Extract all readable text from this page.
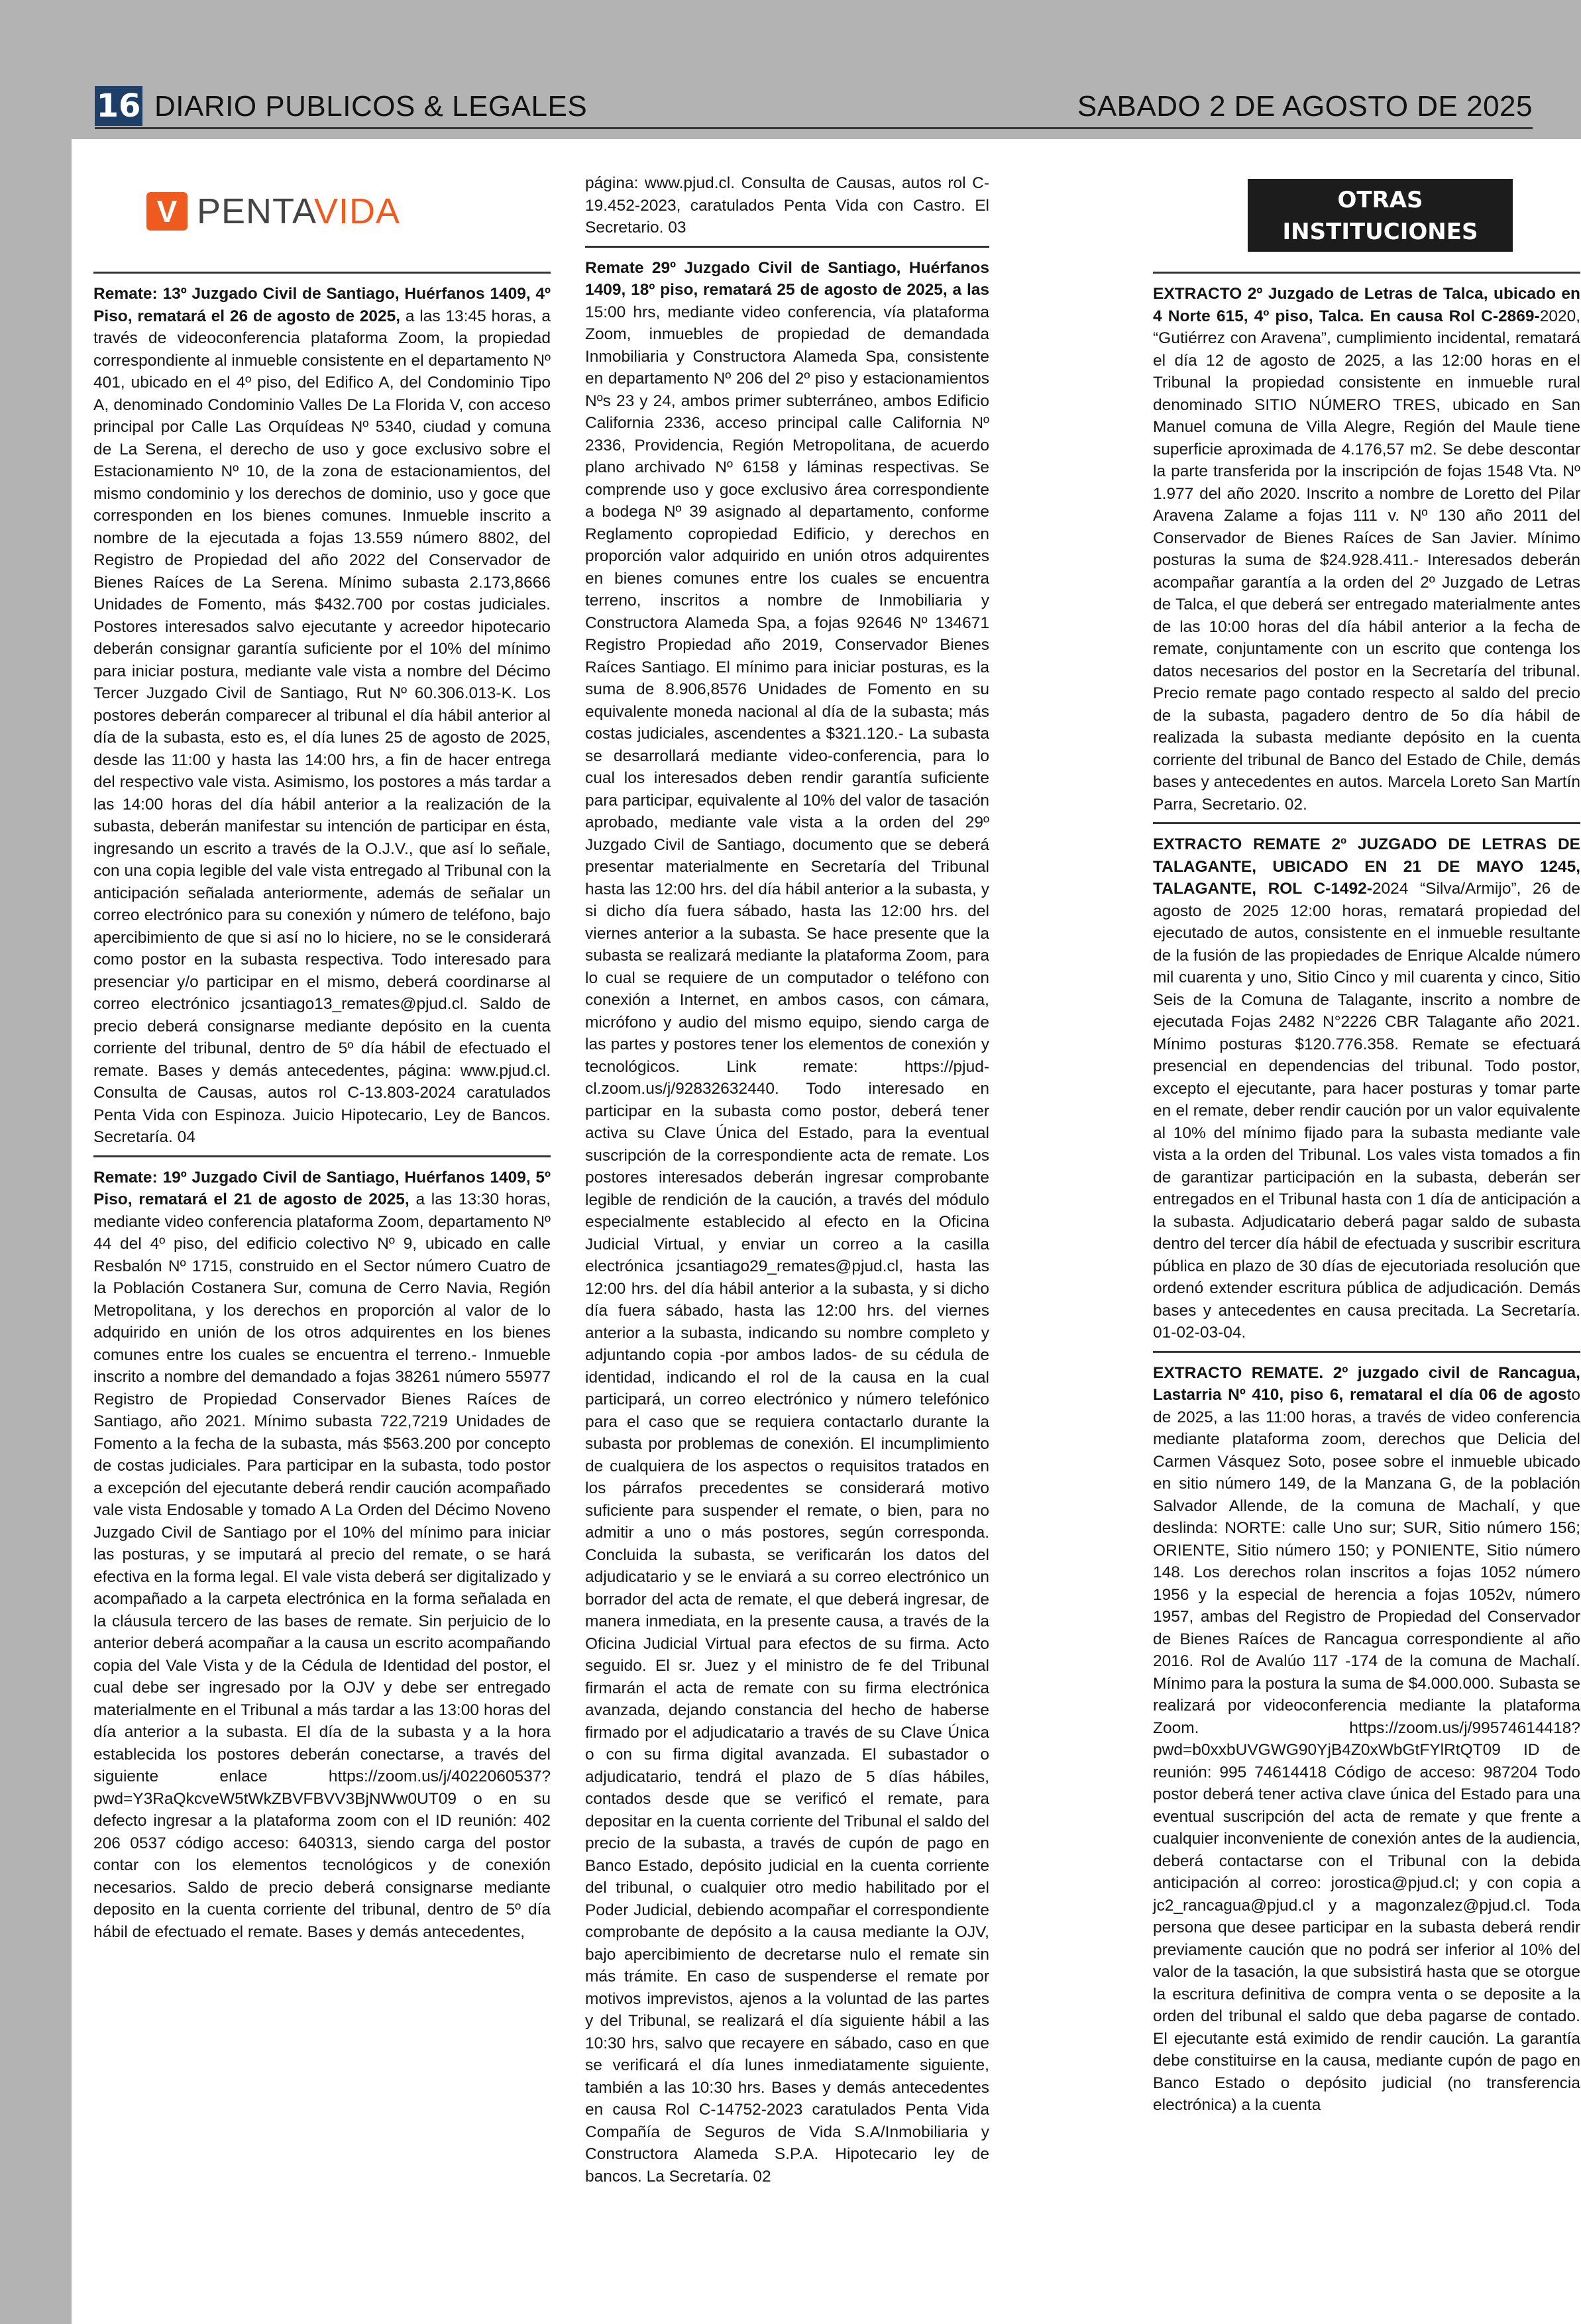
16 DIARIO PUBLICOS & LEGALES	SABADO 2 DE AGOSTO DE 2025
V PENTAVIDA

Remate: 13º Juzgado Civil de Santiago, Huérfanos 1409, 4º Piso, rematará el 26 de agosto de 2025, a las 13:45 horas, a través de videoconferencia plataforma Zoom, la propiedad correspondiente al inmueble consistente en el departamento Nº 401, ubicado en el 4º piso, del Edifico A, del Condominio Tipo A, denominado Condominio Valles De La Florida V, con acceso principal por Calle Las Orquídeas Nº 5340, ciudad y comuna de La Serena, el derecho de uso y goce exclusivo sobre el Estacionamiento Nº 10, de la zona de estacionamientos, del mismo condominio y los derechos de dominio, uso y goce que corresponden en los bienes comunes. Inmueble inscrito a nombre de la ejecutada a fojas 13.559 número 8802, del Registro de Propiedad del año 2022 del Conservador de Bienes Raíces de La Serena. Mínimo subasta 2.173,8666 Unidades de Fomento, más $432.700 por costas judiciales. Postores interesados salvo ejecutante y acreedor hipotecario deberán consignar garantía suficiente por el 10% del mínimo para iniciar postura, mediante vale vista a nombre del Décimo Tercer Juzgado Civil de Santiago, Rut Nº 60.306.013-K. Los postores deberán comparecer al tribunal el día hábil anterior al día de la subasta, esto es, el día lunes 25 de agosto de 2025, desde las 11:00 y hasta las 14:00 hrs, a fin de hacer entrega del respectivo vale vista. Asimismo, los postores a más tardar a las 14:00 horas del día hábil anterior a la realización de la subasta, deberán manifestar su intención de participar en ésta, ingresando un escrito a través de la O.J.V., que así lo señale, con una copia legible del vale vista entregado al Tribunal con la anticipación señalada anteriormente, además de señalar un correo electrónico para su conexión y número de teléfono, bajo apercibimiento de que si así no lo hiciere, no se le considerará como postor en la subasta respectiva. Todo interesado para presenciar y/o participar en el mismo, deberá coordinarse al correo electrónico jcsantiago13_remates@pjud.cl. Saldo de precio deberá consignarse mediante depósito en la cuenta corriente del tribunal, dentro de 5º día hábil de efectuado el remate. Bases y demás antecedentes, página: www.pjud.cl. Consulta de Causas, autos rol C-13.803-2024 caratulados Penta Vida con Espinoza. Juicio Hipotecario, Ley de Bancos. Secretaría. 04

Remate: 19º Juzgado Civil de Santiago, Huérfanos 1409, 5º Piso, rematará el 21 de agosto de 2025, a las 13:30 horas, mediante video conferencia plataforma Zoom, departamento Nº 44 del 4º piso, del edificio colectivo Nº 9, ubicado en calle Resbalón Nº 1715, construido en el Sector número Cuatro de la Población Costanera Sur, comuna de Cerro Navia, Región Metropolitana, y los derechos en proporción al valor de lo adquirido en unión de los otros adquirentes en los bienes comunes entre los cuales se encuentra el terreno.- Inmueble inscrito a nombre del demandado a fojas 38261 número 55977 Registro de Propiedad Conservador Bienes Raíces de Santiago, año 2021. Mínimo subasta 722,7219 Unidades de Fomento a la fecha de la subasta, más $563.200 por concepto de costas judiciales. Para participar en la subasta, todo postor a excepción del ejecutante deberá rendir caución acompañado vale vista Endosable y tomado A La Orden del Décimo Noveno Juzgado Civil de Santiago por el 10% del mínimo para iniciar las posturas, y se imputará al precio del remate, o se hará efectiva en la forma legal. El vale vista deberá ser digitalizado y acompañado a la carpeta electrónica en la forma señalada en la cláusula tercero de las bases de remate. Sin perjuicio de lo anterior deberá acompañar a la causa un escrito acompañando copia del Vale Vista y de la Cédula de Identidad del postor, el cual debe ser ingresado por la OJV y debe ser entregado materialmente en el Tribunal a más tardar a las 13:00 horas del día anterior a la subasta. El día de la subasta y a la hora establecida los postores deberán conectarse, a través del siguiente enlace https://zoom.us/j/4022060537?pwd=Y3RaQkcveW5tWkZBVFBVV3BjNWw0UT09 o en su defecto ingresar a la plataforma zoom con el ID reunión: 402 206 0537 código acceso: 640313, siendo carga del postor contar con los elementos tecnológicos y de conexión necesarios. Saldo de precio deberá consignarse mediante deposito en la cuenta corriente del tribunal, dentro de 5º día hábil de efectuado el remate. Bases y demás antecedentes,

página: www.pjud.cl. Consulta de Causas, autos rol C-19.452-2023, caratulados Penta Vida con Castro. El Secretario. 03

Remate 29º Juzgado Civil de Santiago, Huérfanos 1409, 18º piso, rematará 25 de agosto de 2025, a las 15:00 hrs, mediante video conferencia, vía plataforma Zoom, inmuebles de propiedad de demandada Inmobiliaria y Constructora Alameda Spa, consistente en departamento Nº 206 del 2º piso y estacionamientos Nºs 23 y 24, ambos primer subterráneo, ambos Edificio California 2336, acceso principal calle California Nº 2336, Providencia, Región Metropolitana, de acuerdo plano archivado Nº 6158 y láminas respectivas. Se comprende uso y goce exclusivo área correspondiente a bodega Nº 39 asignado al departamento, conforme Reglamento copropiedad Edificio, y derechos en proporción valor adquirido en unión otros adquirentes en bienes comunes entre los cuales se encuentra terreno, inscritos a nombre de Inmobiliaria y Constructora Alameda Spa, a fojas 92646 Nº 134671 Registro Propiedad año 2019, Conservador Bienes Raíces Santiago. El mínimo para iniciar posturas, es la suma de 8.906,8576 Unidades de Fomento en su equivalente moneda nacional al día de la subasta; más costas judiciales, ascendentes a $321.120.- La subasta se desarrollará mediante video-conferencia, para lo cual los interesados deben rendir garantía suficiente para participar, equivalente al 10% del valor de tasación aprobado, mediante vale vista a la orden del 29º Juzgado Civil de Santiago, documento que se deberá presentar materialmente en Secretaría del Tribunal hasta las 12:00 hrs. del día hábil anterior a la subasta, y si dicho día fuera sábado, hasta las 12:00 hrs. del viernes anterior a la subasta. Se hace presente que la subasta se realizará mediante la plataforma Zoom, para lo cual se requiere de un computador o teléfono con conexión a Internet, en ambos casos, con cámara, micrófono y audio del mismo equipo, siendo carga de las partes y postores tener los elementos de conexión y tecnológicos. Link remate: https://pjud-cl.zoom.us/j/92832632440. Todo interesado en participar en la subasta como postor, deberá tener activa su Clave Única del Estado, para la eventual suscripción de la correspondiente acta de remate. Los postores interesados deberán ingresar comprobante legible de rendición de la caución, a través del módulo especialmente establecido al efecto en la Oficina Judicial Virtual, y enviar un correo a la casilla electrónica jcsantiago29_remates@pjud.cl, hasta las 12:00 hrs. del día hábil anterior a la subasta, y si dicho día fuera sábado, hasta las 12:00 hrs. del viernes anterior a la subasta, indicando su nombre completo y adjuntando copia -por ambos lados- de su cédula de identidad, indicando el rol de la causa en la cual participará, un correo electrónico y número telefónico para el caso que se requiera contactarlo durante la subasta por problemas de conexión. El incumplimiento de cualquiera de los aspectos o requisitos tratados en los párrafos precedentes se considerará motivo suficiente para suspender el remate, o bien, para no admitir a uno o más postores, según corresponda. Concluida la subasta, se verificarán los datos del adjudicatario y se le enviará a su correo electrónico un borrador del acta de remate, el que deberá ingresar, de manera inmediata, en la presente causa, a través de la Oficina Judicial Virtual para efectos de su firma. Acto seguido. El sr. Juez y el ministro de fe del Tribunal firmarán el acta de remate con su firma electrónica avanzada, dejando constancia del hecho de haberse firmado por el adjudicatario a través de su Clave Única o con su firma digital avanzada. El subastador o adjudicatario, tendrá el plazo de 5 días hábiles, contados desde que se verificó el remate, para depositar en la cuenta corriente del Tribunal el saldo del precio de la subasta, a través de cupón de pago en Banco Estado, depósito judicial en la cuenta corriente del tribunal, o cualquier otro medio habilitado por el Poder Judicial, debiendo acompañar el correspondiente comprobante de depósito a la causa mediante la OJV, bajo apercibimiento de decretarse nulo el remate sin más trámite. En caso de suspenderse el remate por motivos imprevistos, ajenos a la voluntad de las partes y del Tribunal, se realizará el día siguiente hábil a las 10:30 hrs, salvo que recayere en sábado, caso en que se verificará el día lunes inmediatamente siguiente, también a las 10:30 hrs. Bases y demás antecedentes en causa Rol C-14752-2023 caratulados Penta Vida Compañía de Seguros de Vida S.A/Inmobiliaria y Constructora Alameda S.P.A. Hipotecario ley de bancos. La Secretaría. 02

OTRAS INSTITUCIONES
Y PARTICULARES

EXTRACTO 2º Juzgado de Letras de Talca, ubicado en 4 Norte 615, 4º piso, Talca. En causa Rol C-2869-2020, “Gutiérrez con Aravena”, cumplimiento incidental, rematará el día 12 de agosto de 2025, a las 12:00 horas en el Tribunal la propiedad consistente en inmueble rural denominado SITIO NÚMERO TRES, ubicado en San Manuel comuna de Villa Alegre, Región del Maule tiene superficie aproximada de 4.176,57 m2. Se debe descontar la parte transferida por la inscripción de fojas 1548 Vta. Nº 1.977 del año 2020. Inscrito a nombre de Loretto del Pilar Aravena Zalame a fojas 111 v. Nº 130 año 2011 del Conservador de Bienes Raíces de San Javier. Mínimo posturas la suma de $24.928.411.- Interesados deberán acompañar garantía a la orden del 2º Juzgado de Letras de Talca, el que deberá ser entregado materialmente antes de las 10:00 horas del día hábil anterior a la fecha de remate, conjuntamente con un escrito que contenga los datos necesarios del postor en la Secretaría del tribunal. Precio remate pago contado respecto al saldo del precio de la subasta, pagadero dentro de 5o día hábil de realizada la subasta mediante depósito en la cuenta corriente del tribunal de Banco del Estado de Chile, demás bases y antecedentes en autos. Marcela Loreto San Martín Parra, Secretario. 02.

EXTRACTO REMATE 2º JUZGADO DE LETRAS DE TALAGANTE, UBICADO EN 21 DE MAYO 1245, TALAGANTE, ROL C-1492-2024 “Silva/Armijo”, 26 de agosto de 2025 12:00 horas, rematará propiedad del ejecutado de autos, consistente en el inmueble resultante de la fusión de las propiedades de Enrique Alcalde número mil cuarenta y uno, Sitio Cinco y mil cuarenta y cinco, Sitio Seis de la Comuna de Talagante, inscrito a nombre de ejecutada Fojas 2482 N°2226 CBR Talagante año 2021. Mínimo posturas $120.776.358. Remate se efectuará presencial en dependencias del tribunal. Todo postor, excepto el ejecutante, para hacer posturas y tomar parte en el remate, deber rendir caución por un valor equivalente al 10% del mínimo fijado para la subasta mediante vale vista a la orden del Tribunal. Los vales vista tomados a fin de garantizar participación en la subasta, deberán ser entregados en el Tribunal hasta con 1 día de anticipación a la subasta. Adjudicatario deberá pagar saldo de subasta dentro del tercer día hábil de efectuada y suscribir escritura pública en plazo de 30 días de ejecutoriada resolución que ordenó extender escritura pública de adjudicación. Demás bases y antecedentes en causa precitada. La Secretaría. 01-02-03-04.

EXTRACTO REMATE. 2º juzgado civil de Rancagua, Lastarria Nº 410, piso 6, remataral el día 06 de agosto de 2025, a las 11:00 horas, a través de video conferencia mediante plataforma zoom, derechos que Delicia del Carmen Vásquez Soto, posee sobre el inmueble ubicado en sitio número 149, de la Manzana G, de la población Salvador Allende, de la comuna de Machalí, y que deslinda: NORTE: calle Uno sur; SUR, Sitio número 156; ORIENTE, Sitio número 150; y PONIENTE, Sitio número 148. Los derechos rolan inscritos a fojas 1052 número 1956 y la especial de herencia a fojas 1052v, número 1957, ambas del Registro de Propiedad del Conservador de Bienes Raíces de Rancagua correspondiente al año 2016. Rol de Avalúo 117 -174 de la comuna de Machalí. Mínimo para la postura la suma de $4.000.000. Subasta se realizará por videoconferencia mediante la plataforma Zoom. https://zoom.us/j/99574614418?pwd=b0xxbUVGWG90YjB4Z0xWbGtFYlRtQT09 ID de reunión: 995 74614418 Código de acceso: 987204 Todo postor deberá tener activa clave única del Estado para una eventual suscripción del acta de remate y que frente a cualquier inconveniente de conexión antes de la audiencia, deberá contactarse con el Tribunal con la debida anticipación al correo: jorostica@pjud.cl; y con copia a jc2_rancagua@pjud.cl y a magonzalez@pjud.cl. Toda persona que desee participar en la subasta deberá rendir previamente caución que no podrá ser inferior al 10% del valor de la tasación, la que subsistirá hasta que se otorgue la escritura definitiva de compra venta o se deposite a la orden del tribunal el saldo que deba pagarse de contado. El ejecutante está eximido de rendir caución. La garantía debe constituirse en la causa, mediante cupón de pago en Banco Estado o depósito judicial (no transferencia electrónica) a la cuenta
